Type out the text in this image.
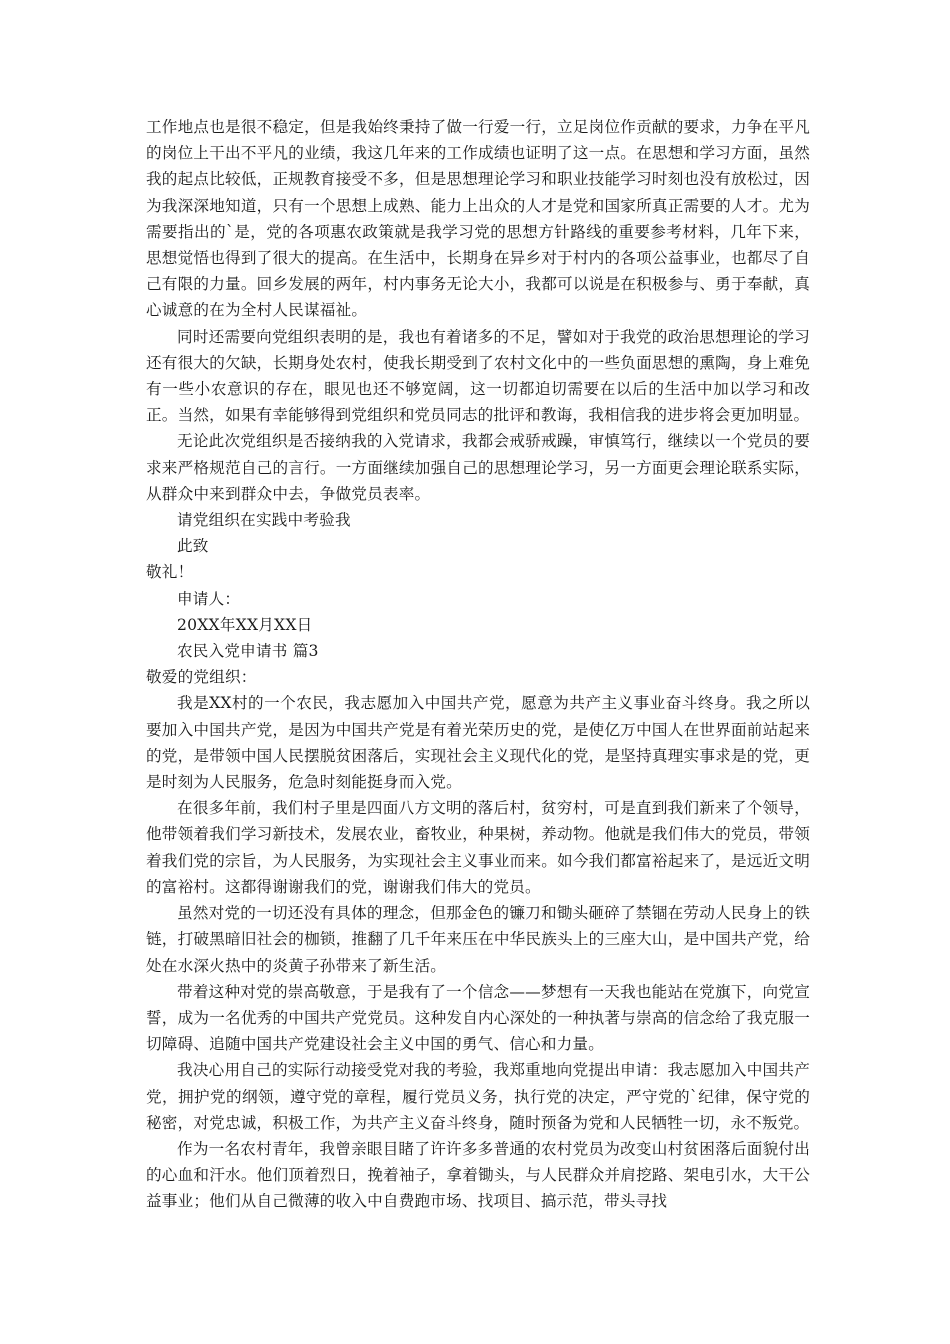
工作地点也是很不稳定，但是我始终秉持了做一行爱一行，立足岗位作贡献的要求，力争在平凡的岗位上干出不平凡的业绩，我这几年来的工作成绩也证明了这一点。在思想和学习方面，虽然我的起点比较低，正规教育接受不多，但是思想理论学习和职业技能学习时刻也没有放松过，因为我深深地知道，只有一个思想上成熟、能力上出众的人才是党和国家所真正需要的人才。尤为需要指出的`是，党的各项惠农政策就是我学习党的思想方针路线的重要参考材料，几年下来，思想觉悟也得到了很大的提高。在生活中，长期身在异乡对于村内的各项公益事业，也都尽了自己有限的力量。回乡发展的两年，村内事务无论大小，我都可以说是在积极参与、勇于奉献，真心诚意的在为全村人民谋福祉。

同时还需要向党组织表明的是，我也有着诸多的不足，譬如对于我党的政治思想理论的学习还有很大的欠缺，长期身处农村，使我长期受到了农村文化中的一些负面思想的熏陶，身上难免有一些小农意识的存在，眼见也还不够宽阔，这一切都迫切需要在以后的生活中加以学习和改正。当然，如果有幸能够得到党组织和党员同志的批评和教诲，我相信我的进步将会更加明显。

无论此次党组织是否接纳我的入党请求，我都会戒骄戒躁，审慎笃行，继续以一个党员的要求来严格规范自己的言行。一方面继续加强自己的思想理论学习，另一方面更会理论联系实际，从群众中来到群众中去，争做党员表率。

请党组织在实践中考验我

此致

敬礼！

申请人：

20XX年XX月XX日

农民入党申请书 篇3

敬爱的党组织：

我是XX村的一个农民，我志愿加入中国共产党，愿意为共产主义事业奋斗终身。我之所以要加入中国共产党，是因为中国共产党是有着光荣历史的党，是使亿万中国人在世界面前站起来的党，是带领中国人民摆脱贫困落后，实现社会主义现代化的党，是坚持真理实事求是的党，更是时刻为人民服务，危急时刻能挺身而入党。

在很多年前，我们村子里是四面八方文明的落后村，贫穷村，可是直到我们新来了个领导，他带领着我们学习新技术，发展农业，畜牧业，种果树，养动物。他就是我们伟大的党员，带领着我们党的宗旨，为人民服务，为实现社会主义事业而来。如今我们都富裕起来了，是远近文明的富裕村。这都得谢谢我们的党，谢谢我们伟大的党员。

虽然对党的一切还没有具体的理念，但那金色的镰刀和锄头砸碎了禁锢在劳动人民身上的铁链，打破黑暗旧社会的枷锁，推翻了几千年来压在中华民族头上的三座大山，是中国共产党，给处在水深火热中的炎黄子孙带来了新生活。

带着这种对党的崇高敬意，于是我有了一个信念——梦想有一天我也能站在党旗下，向党宣誓，成为一名优秀的中国共产党党员。这种发自内心深处的一种执著与崇高的信念给了我克服一切障碍、追随中国共产党建设社会主义中国的勇气、信心和力量。

我决心用自己的实际行动接受党对我的考验，我郑重地向党提出申请：我志愿加入中国共产党，拥护党的纲领，遵守党的章程，履行党员义务，执行党的决定，严守党的`纪律，保守党的秘密，对党忠诚，积极工作，为共产主义奋斗终身，随时预备为党和人民牺牲一切，永不叛党。

作为一名农村青年，我曾亲眼目睹了许许多多普通的农村党员为改变山村贫困落后面貌付出的心血和汗水。他们顶着烈日，挽着袖子，拿着锄头，与人民群众并肩挖路、架电引水，大干公益事业；他们从自己微薄的收入中自费跑市场、找项目、搞示范，带头寻找
